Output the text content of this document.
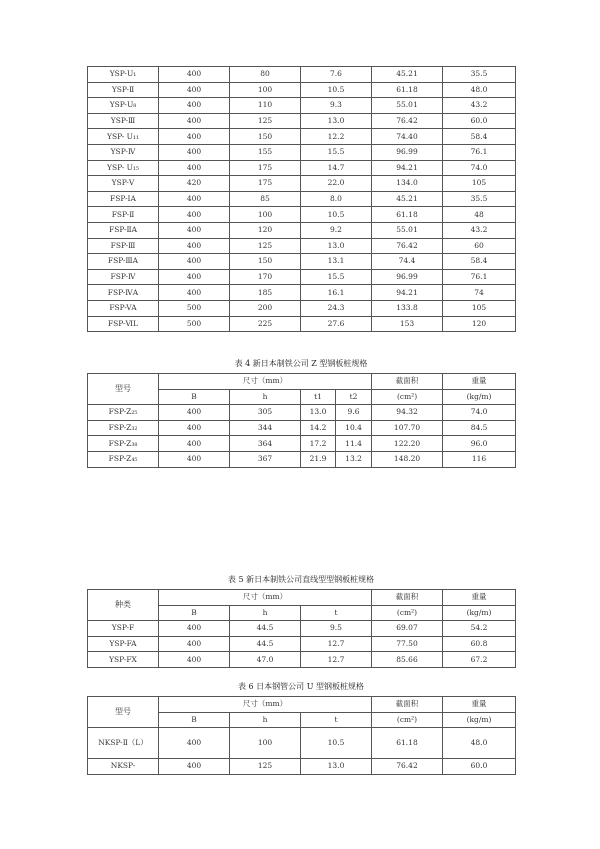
YSP-U₁	400	80	7.6	45.21	35.5
YSP-Ⅱ	400	100	10.5	61.18	48.0
YSP-U₈	400	110	9.3	55.01	43.2
YSP-Ⅲ	400	125	13.0	76.42	60.0
YSP- U₁₁	400	150	12.2	74.40	58.4
YSP-Ⅳ	400	155	15.5	96.99	76.1
YSP- U₁₅	400	175	14.7	94.21	74.0
YSP-Ⅴ	420	175	22.0	134.0	105
FSP-ⅠA	400	85	8.0	45.21	35.5
FSP-Ⅱ	400	100	10.5	61.18	48
FSP-ⅡA	400	120	9.2	55.01	43.2
FSP-Ⅲ	400	125	13.0	76.42	60
FSP-ⅢA	400	150	13.1	74.4	58.4
FSP-Ⅳ	400	170	15.5	96.99	76.1
FSP-ⅣA	400	185	16.1	94.21	74
FSP-VA	500	200	24.3	133.8	105
FSP-ⅥL	500	225	27.6	153	120
表 4 新日本制铁公司 Z 型钢板桩规格
型号	尺寸（mm）				截面积	重量
	B	h	t1	t2	(cm²)	(kg/m)
FSP-Z₂₅	400	305	13.0	9.6	94.32	74.0
FSP-Z₃₂	400	344	14.2	10.4	107.70	84.5
FSP-Z₃₈	400	364	17.2	11.4	122.20	96.0
FSP-Z₄₅	400	367	21.9	13.2	148.20	116
表 5 新日本制铁公司直线型型钢板桩规格
种类	尺寸（mm）			截面积	重量
	B	h	t	(cm²)	(kg/m)
YSP-F	400	44.5	9.5	69.07	54.2
YSP-FA	400	44.5	12.7	77.50	60.8
YSP-FX	400	47.0	12.7	85.66	67.2
表 6 日本钢管公司 U 型钢板桩规格
型号	尺寸（mm）			截面积	重量
	B	h	t	(cm²)	(kg/m)
NKSP-Ⅱ（L）	400	100	10.5	61.18	48.0
NKSP-	400	125	13.0	76.42	60.0
